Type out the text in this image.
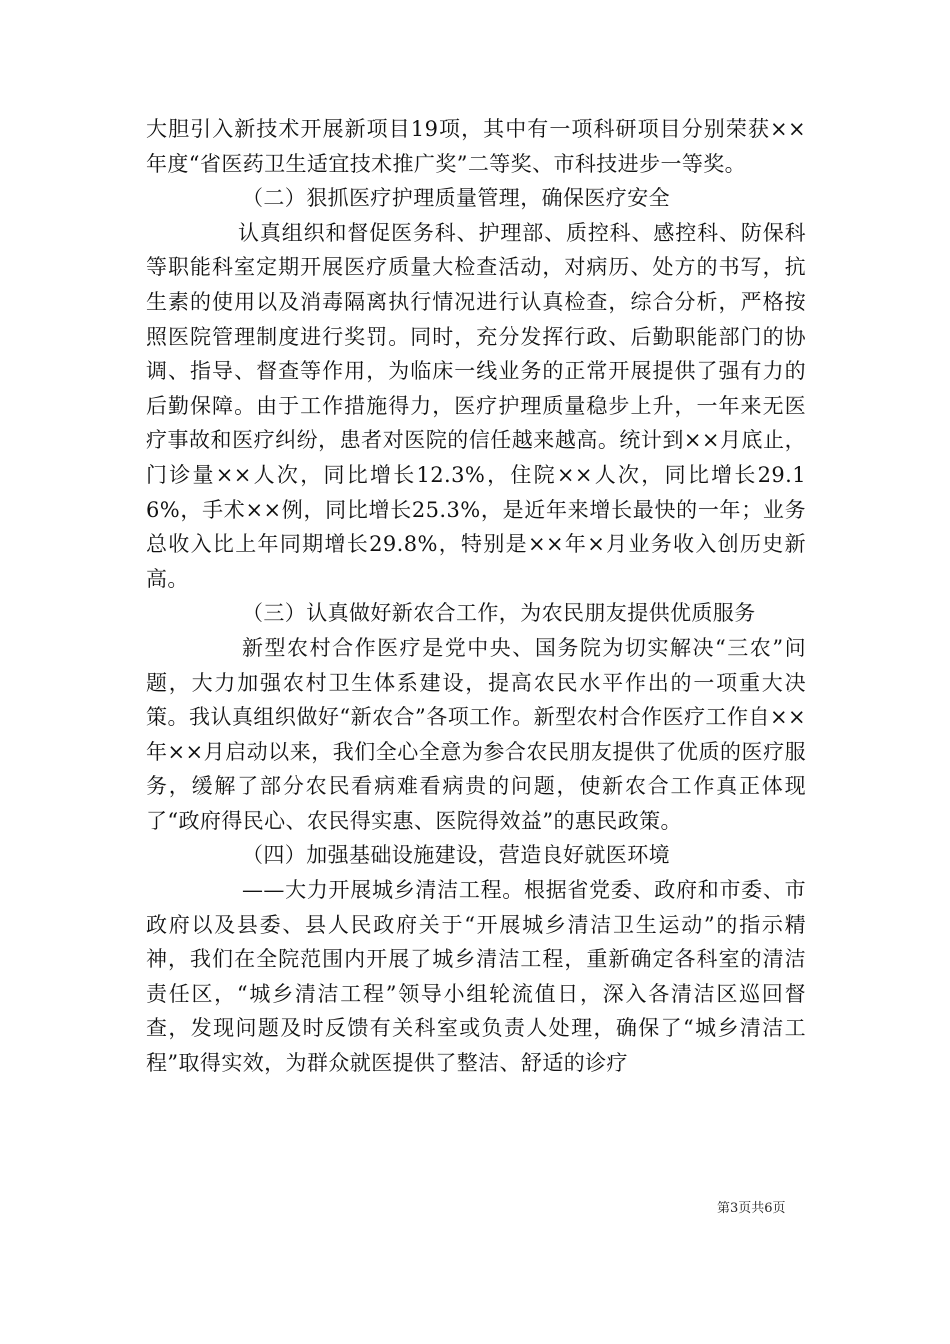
大胆引入新技术开展新项目19项，其中有一项科研项目分别荣获××年度“省医药卫生适宜技术推广奖”二等奖、市科技进步一等奖。

（二）狠抓医疗护理质量管理，确保医疗安全

认真组织和督促医务科、护理部、质控科、感控科、防保科等职能科室定期开展医疗质量大检查活动，对病历、处方的书写，抗生素的使用以及消毒隔离执行情况进行认真检查，综合分析，严格按照医院管理制度进行奖罚。同时，充分发挥行政、后勤职能部门的协调、指导、督查等作用，为临床一线业务的正常开展提供了强有力的后勤保障。由于工作措施得力，医疗护理质量稳步上升，一年来无医疗事故和医疗纠纷，患者对医院的信任越来越高。统计到××月底止，门诊量××人次，同比增长12.3%，住院××人次，同比增长29.16%，手术××例，同比增长25.3%，是近年来增长最快的一年；业务总收入比上年同期增长29.8%，特别是××年×月业务收入创历史新高。

（三）认真做好新农合工作，为农民朋友提供优质服务

新型农村合作医疗是党中央、国务院为切实解决“三农”问题，大力加强农村卫生体系建设，提高农民水平作出的一项重大决策。我认真组织做好“新农合”各项工作。新型农村合作医疗工作自××年××月启动以来，我们全心全意为参合农民朋友提供了优质的医疗服务，缓解了部分农民看病难看病贵的问题，使新农合工作真正体现了“政府得民心、农民得实惠、医院得效益”的惠民政策。

（四）加强基础设施建设，营造良好就医环境

——大力开展城乡清洁工程。根据省党委、政府和市委、市政府以及县委、县人民政府关于“开展城乡清洁卫生运动”的指示精神，我们在全院范围内开展了城乡清洁工程，重新确定各科室的清洁责任区，“城乡清洁工程”领导小组轮流值日，深入各清洁区巡回督查，发现问题及时反馈有关科室或负责人处理，确保了“城乡清洁工程”取得实效，为群众就医提供了整洁、舒适的诊疗

第3页共6页
